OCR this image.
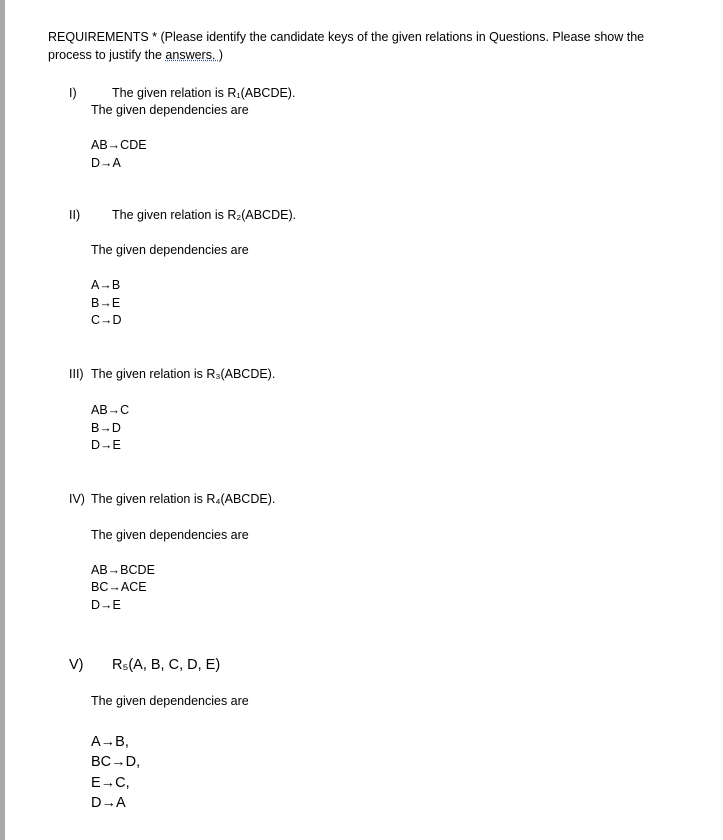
REQUIREMENTS * (Please identify the candidate keys of the given relations in Questions. Please show the
process to justify the answers. )
I)	The given relation is R₁(ABCDE).
The given dependencies are
AB→CDE
D→A
II)	The given relation is R₂(ABCDE).
The given dependencies are
A→B
B→E
C→D
III) The given relation is R₃(ABCDE).
AB→C
B→D
D→E
IV) The given relation is R₄(ABCDE).
The given dependencies are
AB→BCDE
BC→ACE
D→E
V) R₅(A, B, C, D, E)
The given dependencies are
A→B,
BC→D,
E→C,
D→A
